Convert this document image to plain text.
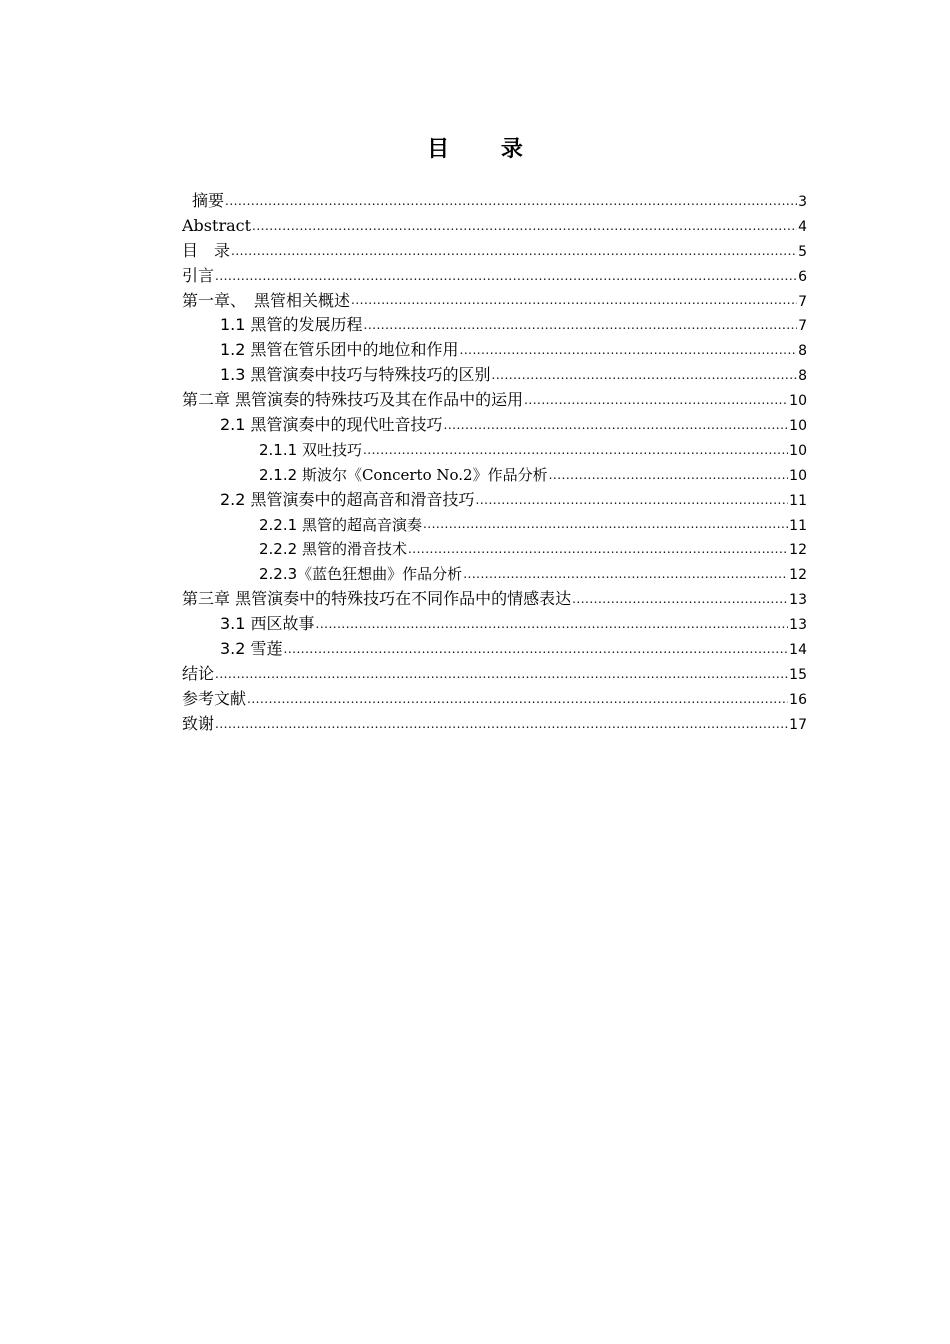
目 录
摘要 .....	3
Abstract .....	4
目　录 .....	5
引言 .....	6
第一章、　黑管相关概述 .....	7
1.1 黑管的发展历程 .....	7
1.2 黑管在管乐团中的地位和作用 .....	8
1.3 黑管演奏中技巧与特殊技巧的区别 .....	8
第二章 黑管演奏的特殊技巧及其在作品中的运用 .....	10
2.1 黑管演奏中的现代吐音技巧 .....	10
2.1.1 双吐技巧 .....	10
2.1.2 斯波尔《Concerto No.2》作品分析 .....	10
2.2 黑管演奏中的超高音和滑音技巧 .....	11
2.2.1 黑管的超高音演奏 .....	11
2.2.2 黑管的滑音技术 .....	12
2.2.3《蓝色狂想曲》作品分析 .....	12
第三章 黑管演奏中的特殊技巧在不同作品中的情感表达 .....	13
3.1 西区故事 .....	13
3.2 雪莲 .....	14
结论 .....	15
参考文献 .....	16
致谢 .....	17
